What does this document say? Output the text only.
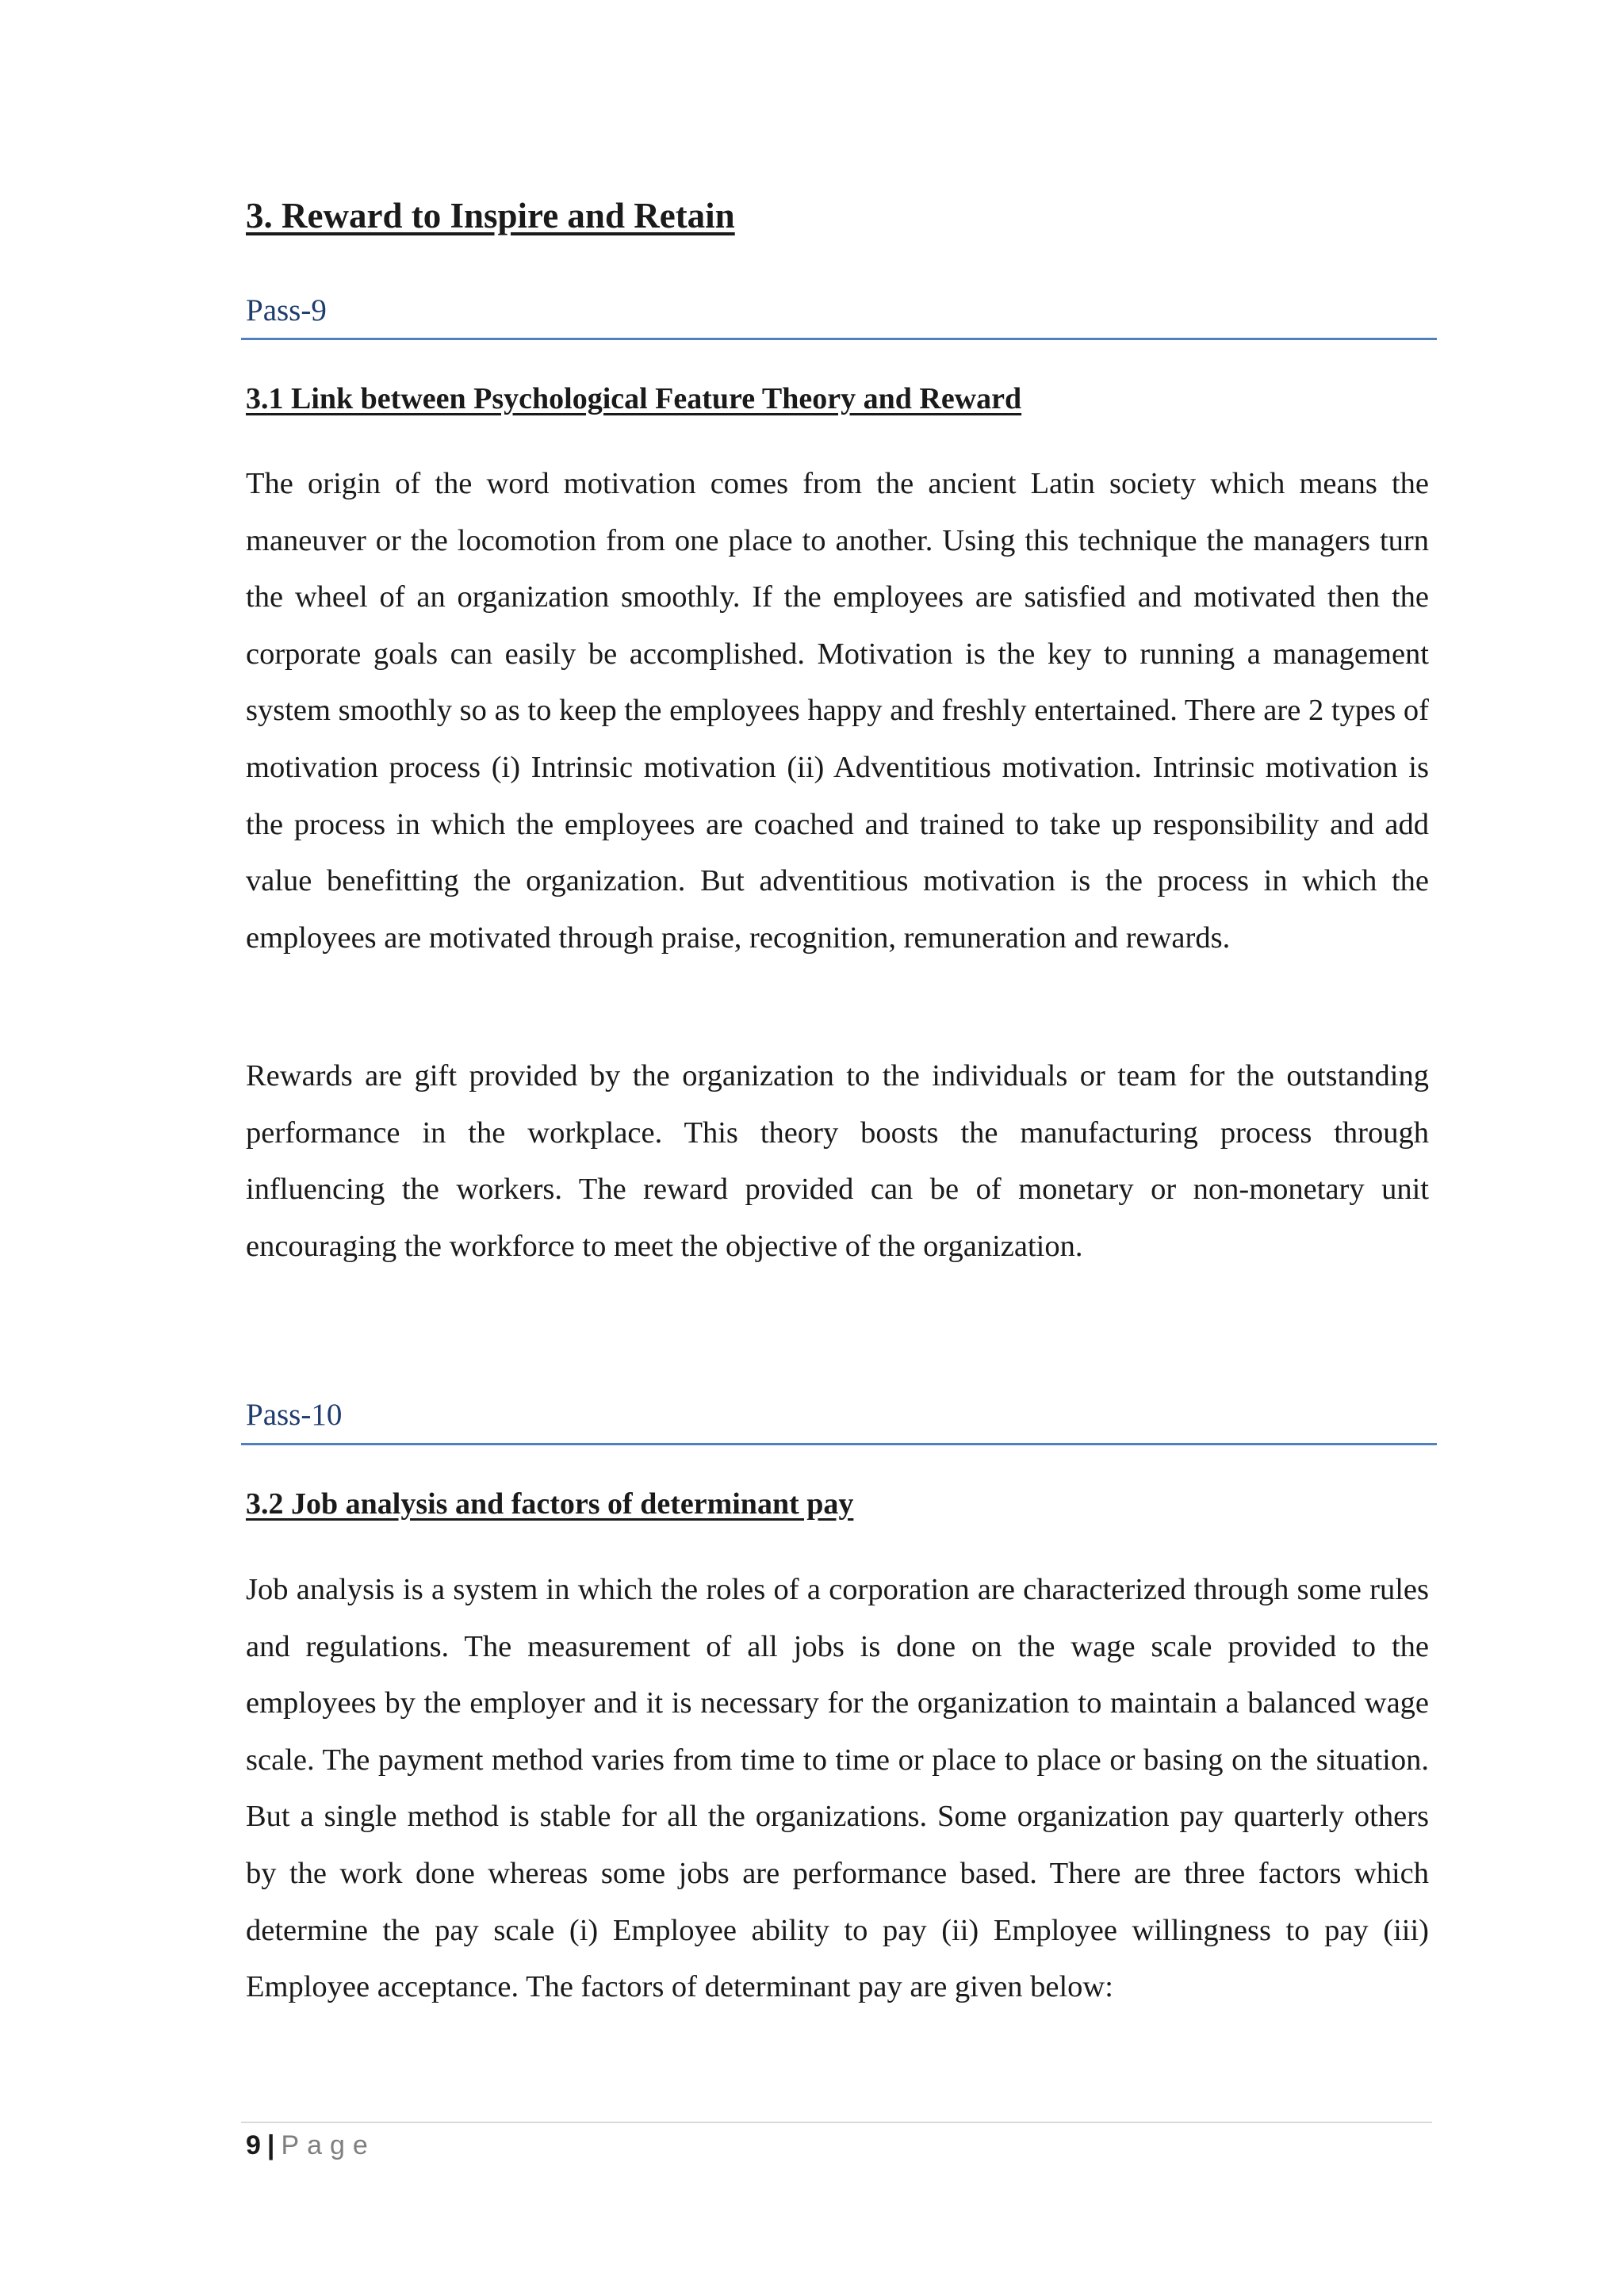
3. Reward to Inspire and Retain
Pass-9
3.1 Link between Psychological Feature Theory and Reward

The origin of the word motivation comes from the ancient Latin society which means the maneuver or the locomotion from one place to another. Using this technique the managers turn the wheel of an organization smoothly. If the employees are satisfied and motivated then the corporate goals can easily be accomplished. Motivation is the key to running a management system smoothly so as to keep the employees happy and freshly entertained. There are 2 types of motivation process (i) Intrinsic motivation (ii) Adventitious motivation. Intrinsic motivation is the process in which the employees are coached and trained to take up responsibility and add value benefitting the organization. But adventitious motivation is the process in which the employees are motivated through praise, recognition, remuneration and rewards.

Rewards are gift provided by the organization to the individuals or team for the outstanding performance in the workplace. This theory boosts the manufacturing process through influencing the workers. The reward provided can be of monetary or non-monetary unit encouraging the workforce to meet the objective of the organization.

Pass-10
3.2 Job analysis and factors of determinant pay

Job analysis is a system in which the roles of a corporation are characterized through some rules and regulations. The measurement of all jobs is done on the wage scale provided to the employees by the employer and it is necessary for the organization to maintain a balanced wage scale. The payment method varies from time to time or place to place or basing on the situation. But a single method is stable for all the organizations. Some organization pay quarterly others by the work done whereas some jobs are performance based. There are three factors which determine the pay scale (i) Employee ability to pay (ii) Employee willingness to pay (iii) Employee acceptance. The factors of determinant pay are given below:

9 | Page
